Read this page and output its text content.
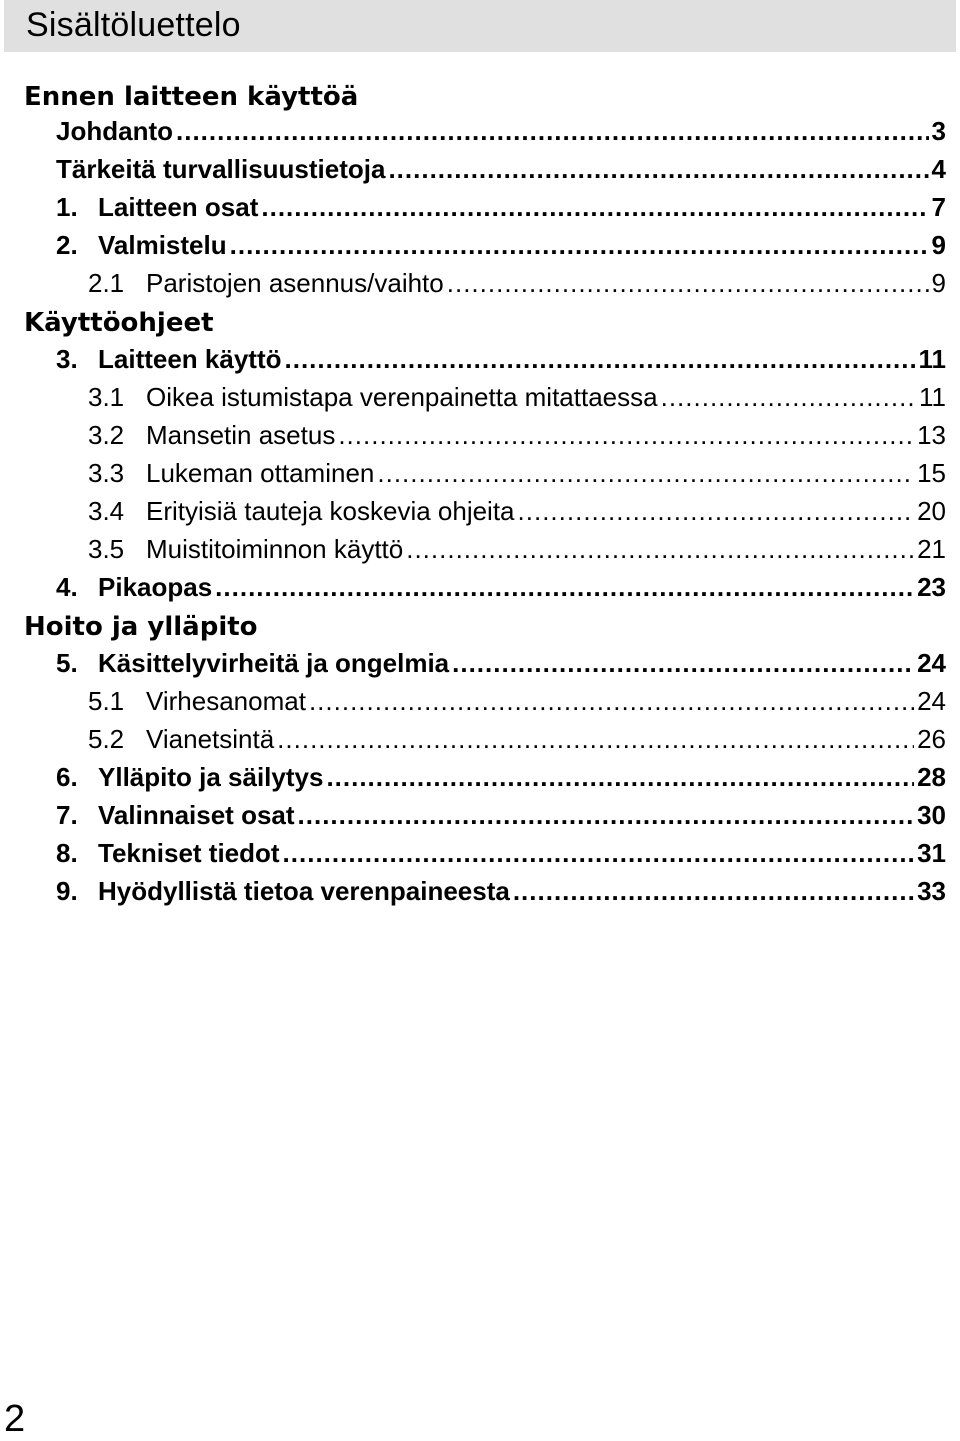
Sisältöluettelo
Ennen laitteen käyttöä
Johdanto .....	3
Tärkeitä turvallisuustietoja .....	4
1. Laitteen osat .....	7
2. Valmistelu .....	9
2.1 Paristojen asennus/vaihto .....	9
Käyttöohjeet
3. Laitteen käyttö .....	11
3.1 Oikea istumistapa verenpainetta mitattaessa .....	11
3.2 Mansetin asetus .....	13
3.3 Lukeman ottaminen .....	15
3.4 Erityisiä tauteja koskevia ohjeita .....	20
3.5 Muistitoiminnon käyttö .....	21
4. Pikaopas .....	23
Hoito ja ylläpito
5. Käsittelyvirheitä ja ongelmia .....	24
5.1 Virhesanomat .....	24
5.2 Vianetsintä .....	26
6. Ylläpito ja säilytys .....	28
7. Valinnaiset osat .....	30
8. Tekniset tiedot .....	31
9. Hyödyllistä tietoa verenpaineesta .....	33
2
